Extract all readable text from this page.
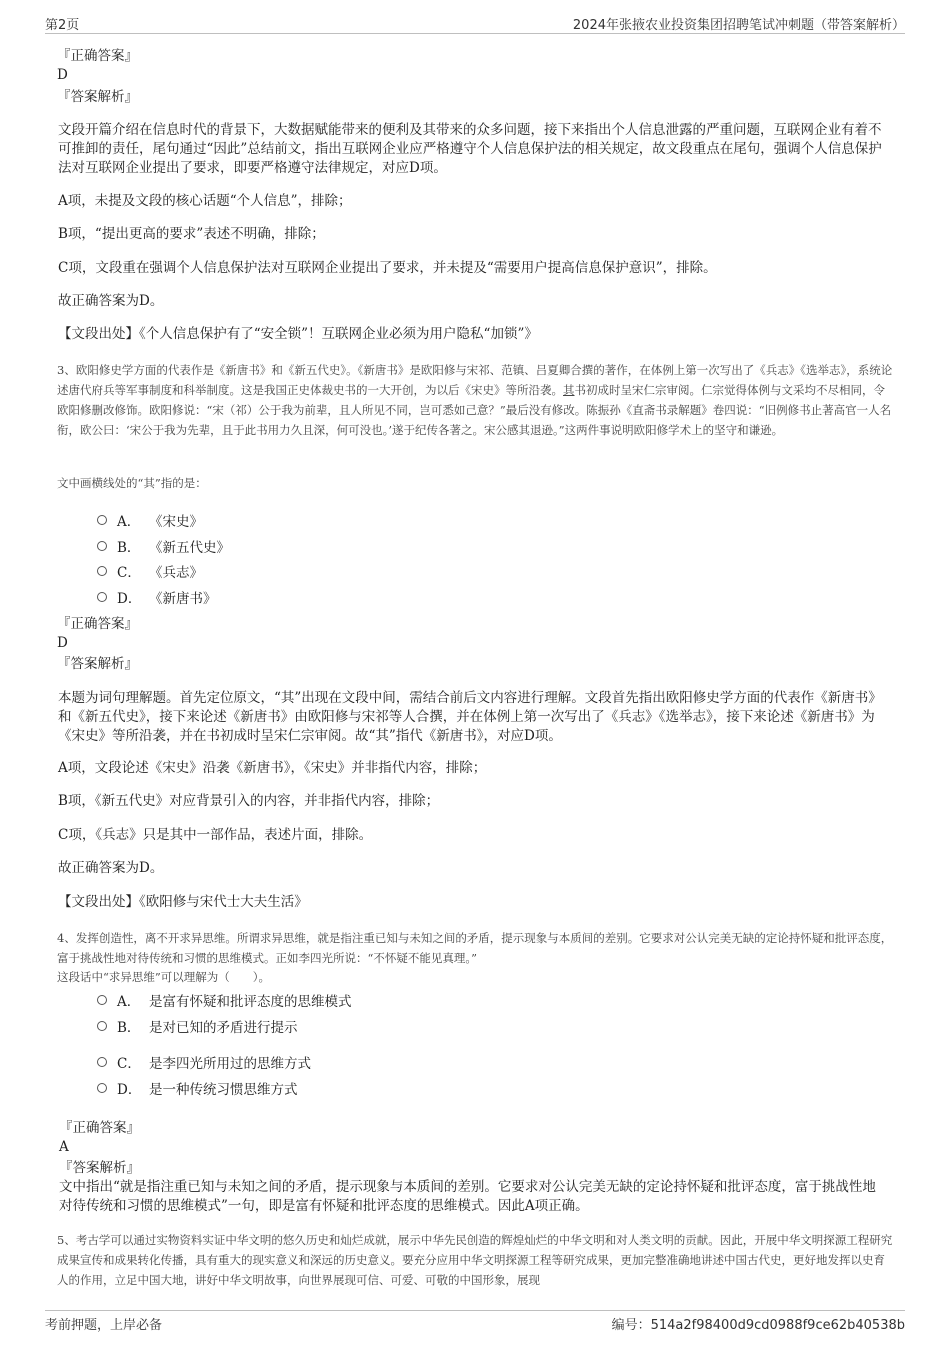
第2页	2024年张掖农业投资集团招聘笔试冲刺题（带答案解析）
『正确答案』
D
『答案解析』
文段开篇介绍在信息时代的背景下，大数据赋能带来的便利及其带来的众多问题，接下来指出个人信息泄露的严重问题，互联网企业有着不可推卸的责任，尾句通过“因此”总结前文，指出互联网企业应严格遵守个人信息保护法的相关规定，故文段重点在尾句，强调个人信息保护法对互联网企业提出了要求，即要严格遵守法律规定，对应D项。
A项，未提及文段的核心话题“个人信息”，排除；
B项，“提出更高的要求”表述不明确，排除；
C项，文段重在强调个人信息保护法对互联网企业提出了要求，并未提及“需要用户提高信息保护意识”，排除。
故正确答案为D。
【文段出处】《个人信息保护有了“安全锁”！互联网企业必须为用户隐私“加锁”》
3、欧阳修史学方面的代表作是《新唐书》和《新五代史》。《新唐书》是欧阳修与宋祁、范镇、吕夏卿合撰的著作，在体例上第一次写出了《兵志》《选举志》，系统论述唐代府兵等军事制度和科举制度。这是我国正史体裁史书的一大开创，为以后《宋史》等所沿袭。其书初成时呈宋仁宗审阅。仁宗觉得体例与文采均不尽相同，令欧阳修删改修饰。欧阳修说：“宋（祁）公于我为前辈，且人所见不同，岂可悉如己意？”最后没有修改。陈振孙《直斋书录解题》卷四说：“旧例修书止著高官一人名衔，欧公曰：‘宋公于我为先辈，且于此书用力久且深，何可没也。’遂于纪传各著之。宋公感其退逊。”这两件事说明欧阳修学术上的坚守和谦逊。
文中画横线处的“其”指的是：
A． 《宋史》
B． 《新五代史》
C． 《兵志》
D． 《新唐书》
『正确答案』
D
『答案解析』
本题为词句理解题。首先定位原文，“其”出现在文段中间，需结合前后文内容进行理解。文段首先指出欧阳修史学方面的代表作《新唐书》和《新五代史》，接下来论述《新唐书》由欧阳修与宋祁等人合撰，并在体例上第一次写出了《兵志》《选举志》，接下来论述《新唐书》为《宋史》等所沿袭，并在书初成时呈宋仁宗审阅。故“其”指代《新唐书》，对应D项。
A项，文段论述《宋史》沿袭《新唐书》，《宋史》并非指代内容，排除；
B项，《新五代史》对应背景引入的内容，并非指代内容，排除；
C项，《兵志》只是其中一部作品，表述片面，排除。
故正确答案为D。
【文段出处】《欧阳修与宋代士大夫生活》
4、发挥创造性，离不开求异思维。所谓求异思维，就是指注重已知与未知之间的矛盾，提示现象与本质间的差别。它要求对公认完美无缺的定论持怀疑和批评态度，富于挑战性地对待传统和习惯的思维模式。正如李四光所说：“不怀疑不能见真理。”
这段话中“求异思维”可以理解为（　　）。
A． 是富有怀疑和批评态度的思维模式
B． 是对已知的矛盾进行提示
C． 是李四光所用过的思维方式
D． 是一种传统习惯思维方式
『正确答案』
A
『答案解析』
文中指出“就是指注重已知与未知之间的矛盾，提示现象与本质间的差别。它要求对公认完美无缺的定论持怀疑和批评态度，富于挑战性地对待传统和习惯的思维模式”一句，即是富有怀疑和批评态度的思维模式。因此A项正确。
5、考古学可以通过实物资料实证中华文明的悠久历史和灿烂成就，展示中华先民创造的辉煌灿烂的中华文明和对人类文明的贡献。因此，开展中华文明探源工程研究成果宣传和成果转化传播，具有重大的现实意义和深远的历史意义。要充分应用中华文明探源工程等研究成果，更加完整准确地讲述中国古代史，更好地发挥以史育人的作用，立足中国大地，讲好中华文明故事，向世界展现可信、可爱、可敬的中国形象，展现
考前押题，上岸必备	编号：514a2f98400d9cd0988f9ce62b40538b
